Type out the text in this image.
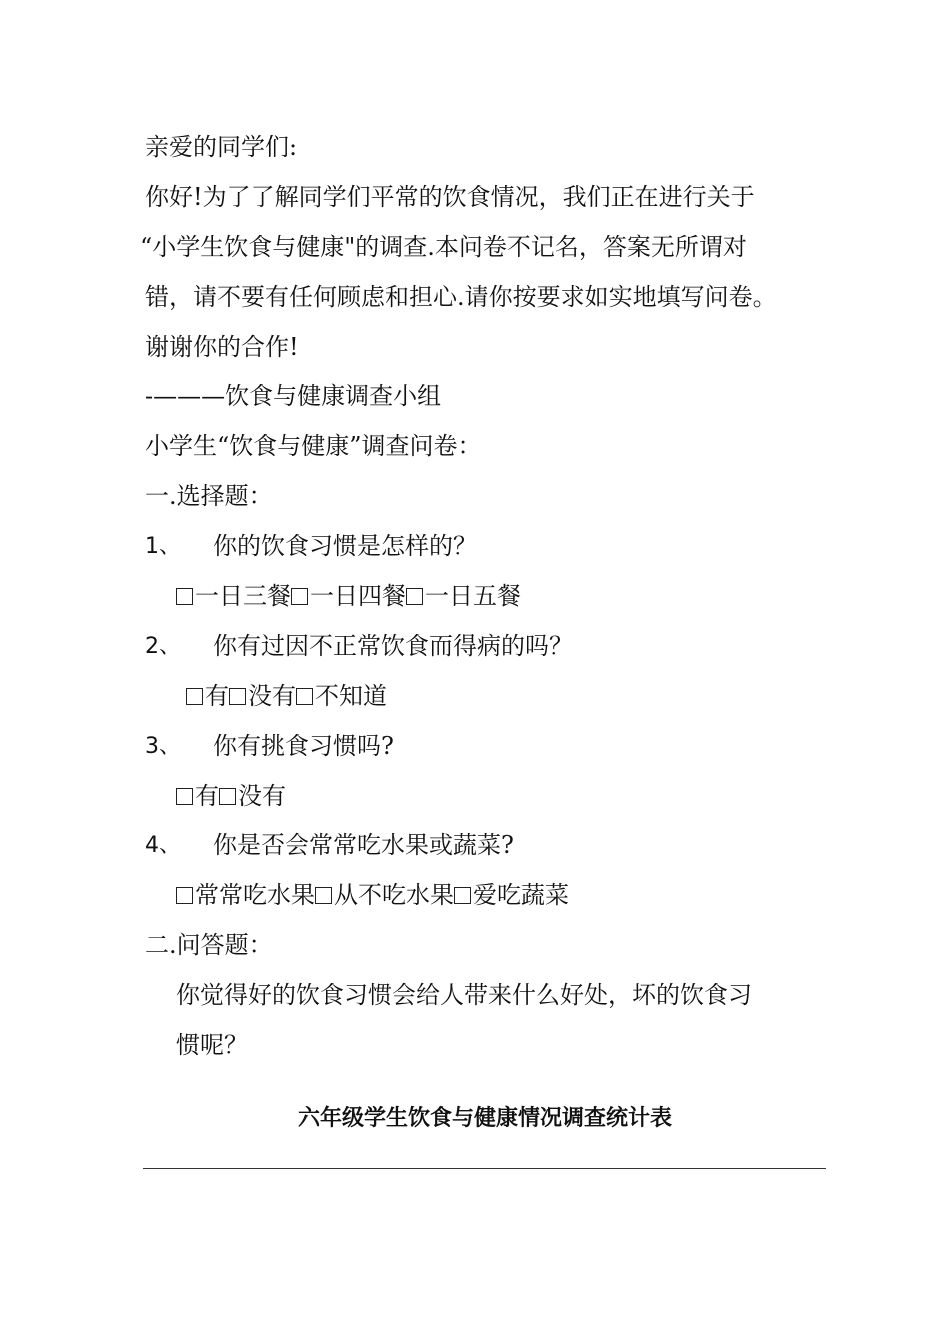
亲爱的同学们:
你好!为了了解同学们平常的饮食情况，我们正在进行关于
“小学生饮食与健康"的调查.本问卷不记名，答案无所谓对
错，请不要有任何顾虑和担心.请你按要求如实地填写问卷。
谢谢你的合作!
-———饮食与健康调查小组
小学生“饮食与健康”调查问卷：
一.选择题：
1、 你的饮食习惯是怎样的？
一日三餐 一日四餐 一日五餐
2、 你有过因不正常饮食而得病的吗？
有 没有 不知道
3、 你有挑食习惯吗?
有 没有
4、 你是否会常常吃水果或蔬菜?
常常吃水果 从不吃水果 爱吃蔬菜
二.问答题：
你觉得好的饮食习惯会给人带来什么好处，坏的饮食习
惯呢？
六年级学生饮食与健康情况调查统计表
